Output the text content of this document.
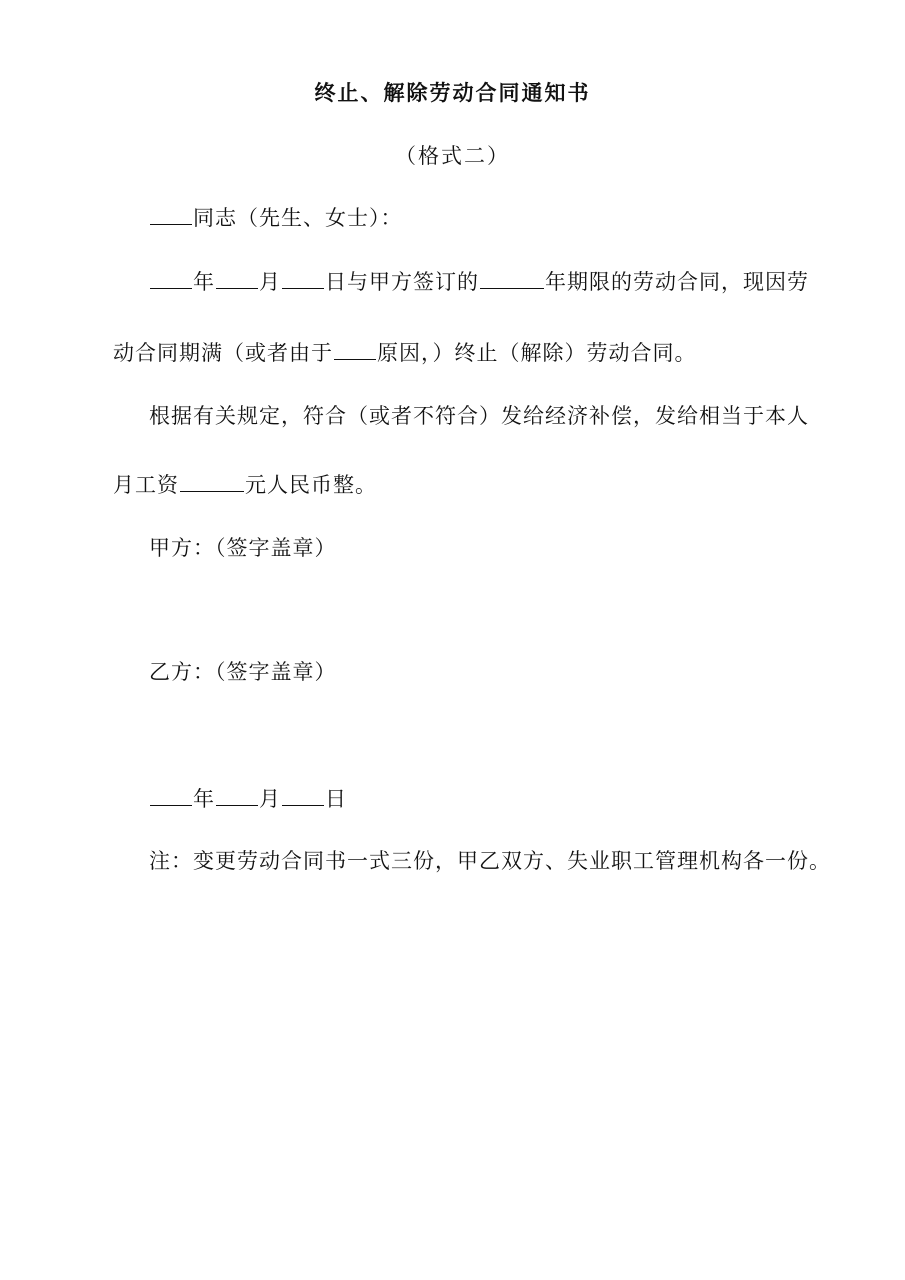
终止、解除劳动合同通知书
（格式二）
同志（先生、女士）：
年 月 日与甲方签订的	年期限的劳动合同，现因劳
动合同期满（或者由于 原因，）终止（解除）劳动合同。
根据有关规定，符合（或者不符合）发给经济补偿，发给相当于本人
月工资	元人民币整。
甲方：（签字盖章）
乙方：（签字盖章）
年 月 日
注：变更劳动合同书一式三份，甲乙双方、失业职工管理机构各一份。
